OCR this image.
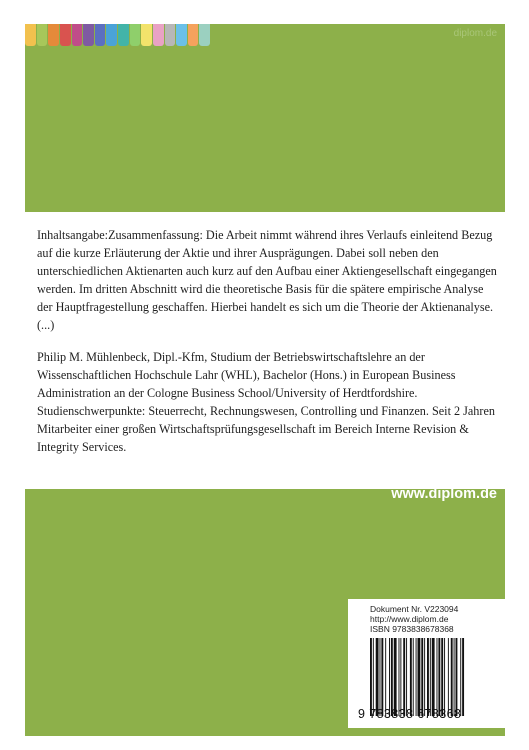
diplom.de

Inhaltsangabe:Zusammenfassung: Die Arbeit nimmt während ihres Verlaufs einleitend Bezug auf die kurze Erläuterung der Aktie und ihrer Ausprägungen. Dabei soll neben den unterschiedlichen Aktienarten auch kurz auf den Aufbau einer Aktiengesellschaft eingegangen werden. Im dritten Abschnitt wird die theoretische Basis für die spätere empirische Analyse der Hauptfragestellung geschaffen. Hierbei handelt es sich um die Theorie der Aktienanalyse. (...)

Philip M. Mühlenbeck, Dipl.-Kfm, Studium der Betriebswirtschaftslehre an der Wissenschaftlichen Hochschule Lahr (WHL), Bachelor (Hons.) in European Business Administration an der Cologne Business School/University of Herdtfordshire. Studienschwerpunkte: Steuerrecht, Rechnungswesen, Controlling und Finanzen. Seit 2 Jahren Mitarbeiter einer großen Wirtschaftsprüfungsgesellschaft im Bereich Interne Revision & Integrity Services.

www.diplom.de
Dokument Nr. V223094
http://www.diplom.de
ISBN 9783838678368
9 783838 678368
